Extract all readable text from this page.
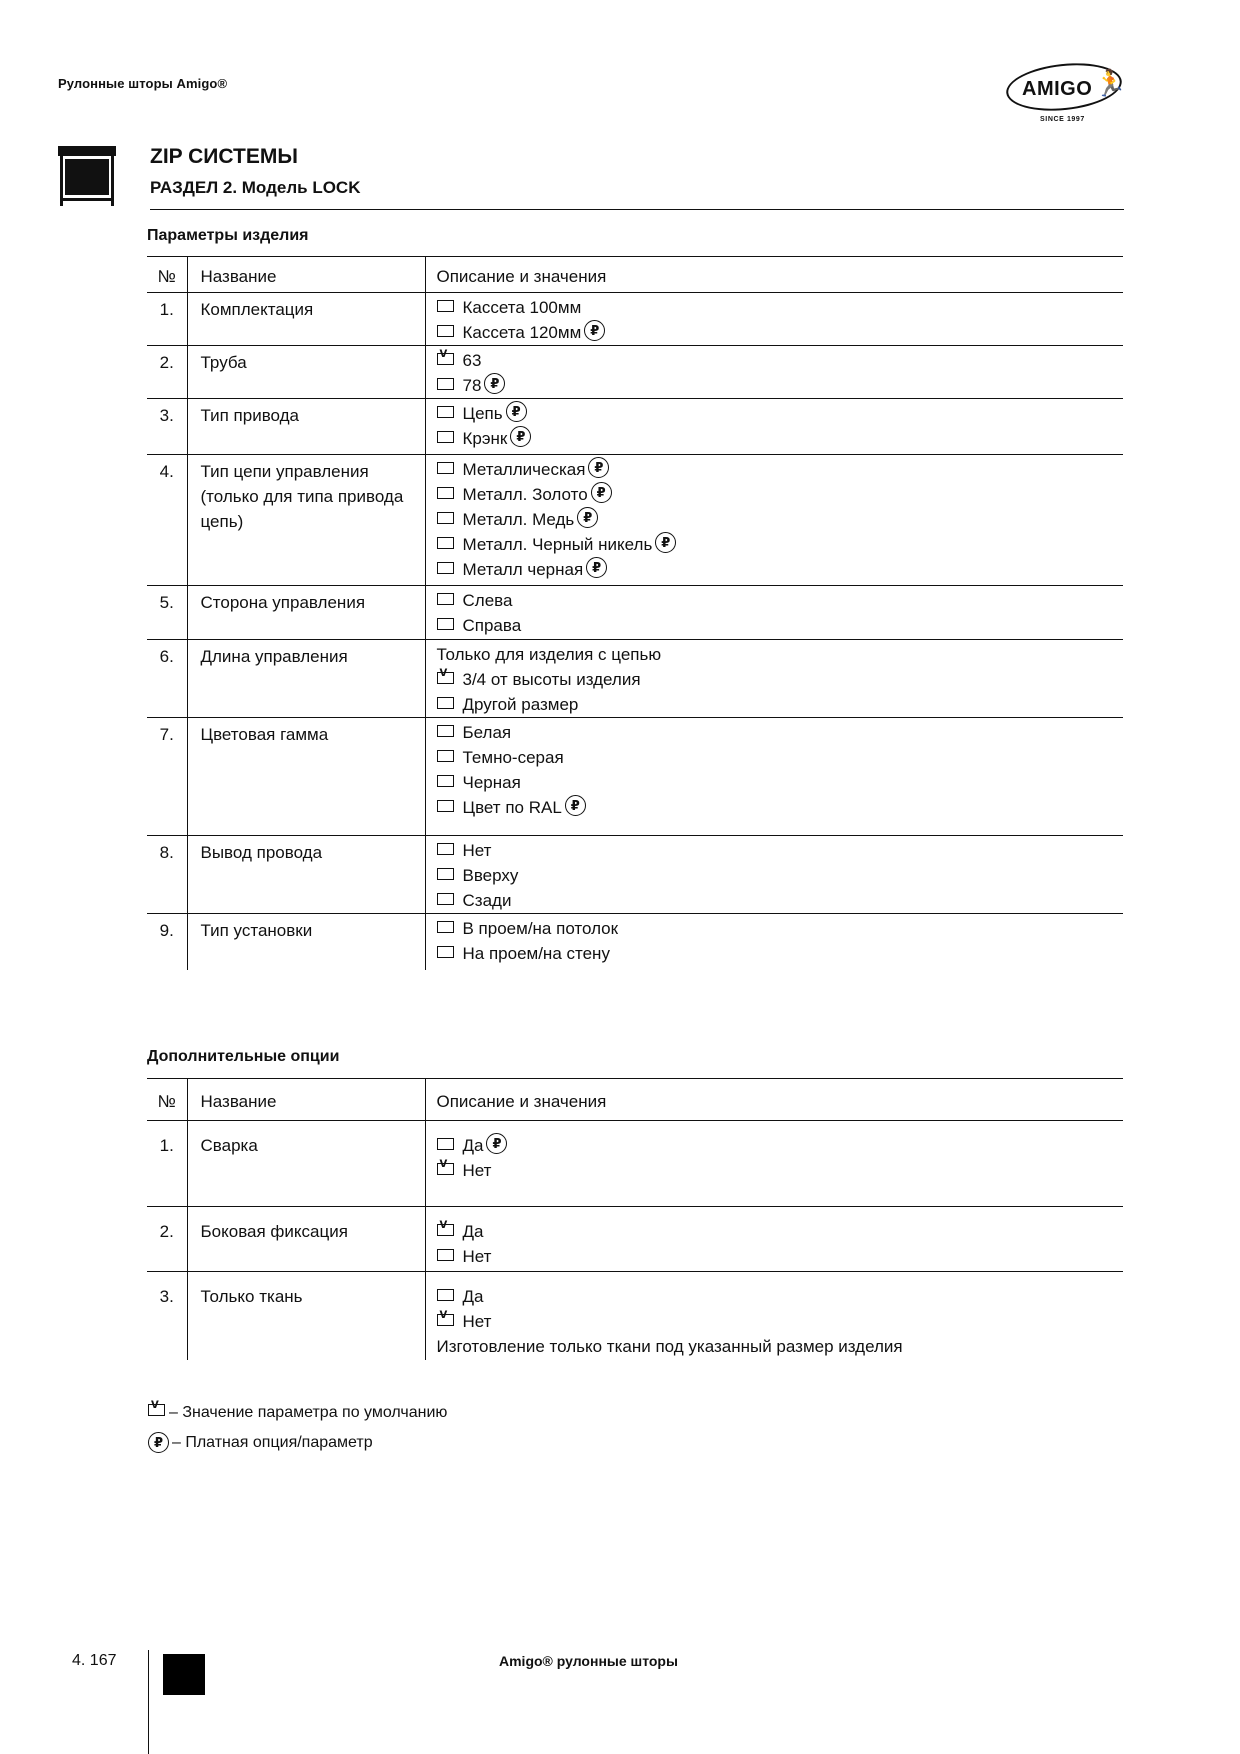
Рулонные шторы Amigo®	AMIGO 🏃
SINCE 1997
ZIP СИСТЕМЫ
РАЗДЕЛ 2. Модель LOCK
Параметры изделия
№	Название	Описание и значения
1.	Комплектация	Кассета 100мм
Кассета 120мм ₽

2.	Труба	
v63
78 ₽

3.	Тип привода	Цепь ₽
Крэнк ₽

4.	Тип цепи управления (только для типа привода цепь)	Металлическая ₽
Металл. Золото ₽
Металл. Медь ₽
Металл. Черный никель ₽
Металл черная ₽

5.	Сторона управления	Слева
Справа

6.	Длина управления	Только для изделия с цепью
v3/4 от высоты изделия
Другой размер

7.	Цветовая гамма	Белая
Темно-серая
Черная
Цвет по RAL ₽

8.	Вывод провода	Нет
Вверху
Сзади

9.	Тип установки	В проем/на потолок
На проем/на стену
Дополнительные опции
№	Название	Описание и значения
1.	Сварка	Да ₽
vНет

2.	Боковая фиксация	
vДа
Нет

3.	Только ткань	Да
vНет
Изготовление только ткани под указанный размер изделия
v– Значение параметра по умолчанию
₽ – Платная опция/параметр
4. 167	Amigo® рулонные шторы
